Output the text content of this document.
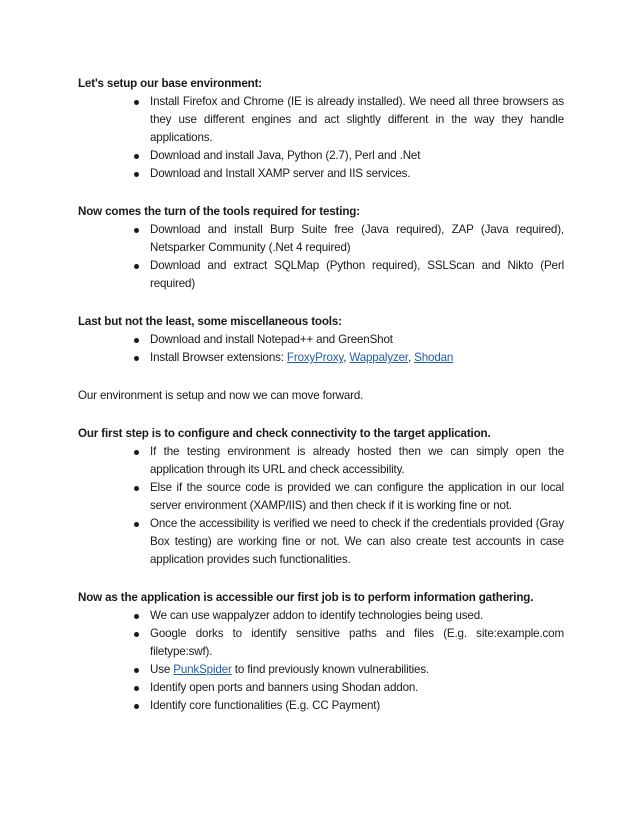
Let's setup our base environment:

Install Firefox and Chrome (IE is already installed). We need all three browsers as they use different engines and act slightly different in the way they handle applications.
Download and install Java, Python (2.7), Perl and .Net
Download and Install XAMP server and IIS services.

Now comes the turn of the tools required for testing:

Download and install Burp Suite free (Java required), ZAP (Java required), Netsparker Community (.Net 4 required)
Download and extract SQLMap (Python required), SSLScan and Nikto (Perl required)

Last but not the least, some miscellaneous tools:

Download and install Notepad++ and GreenShot
Install Browser extensions: FroxyProxy, Wappalyzer, Shodan

Our environment is setup and now we can move forward.

Our first step is to configure and check connectivity to the target application.

If the testing environment is already hosted then we can simply open the application through its URL and check accessibility.
Else if the source code is provided we can configure the application in our local server environment (XAMP/IIS) and then check if it is working fine or not.
Once the accessibility is verified we need to check if the credentials provided (Gray Box testing) are working fine or not. We can also create test accounts in case application provides such functionalities.

Now as the application is accessible our first job is to perform information gathering.

We can use wappalyzer addon to identify technologies being used.
Google dorks to identify sensitive paths and files (E.g. site:example.com filetype:swf).
Use PunkSpider to find previously known vulnerabilities.
Identify open ports and banners using Shodan addon.
Identify core functionalities (E.g. CC Payment)
